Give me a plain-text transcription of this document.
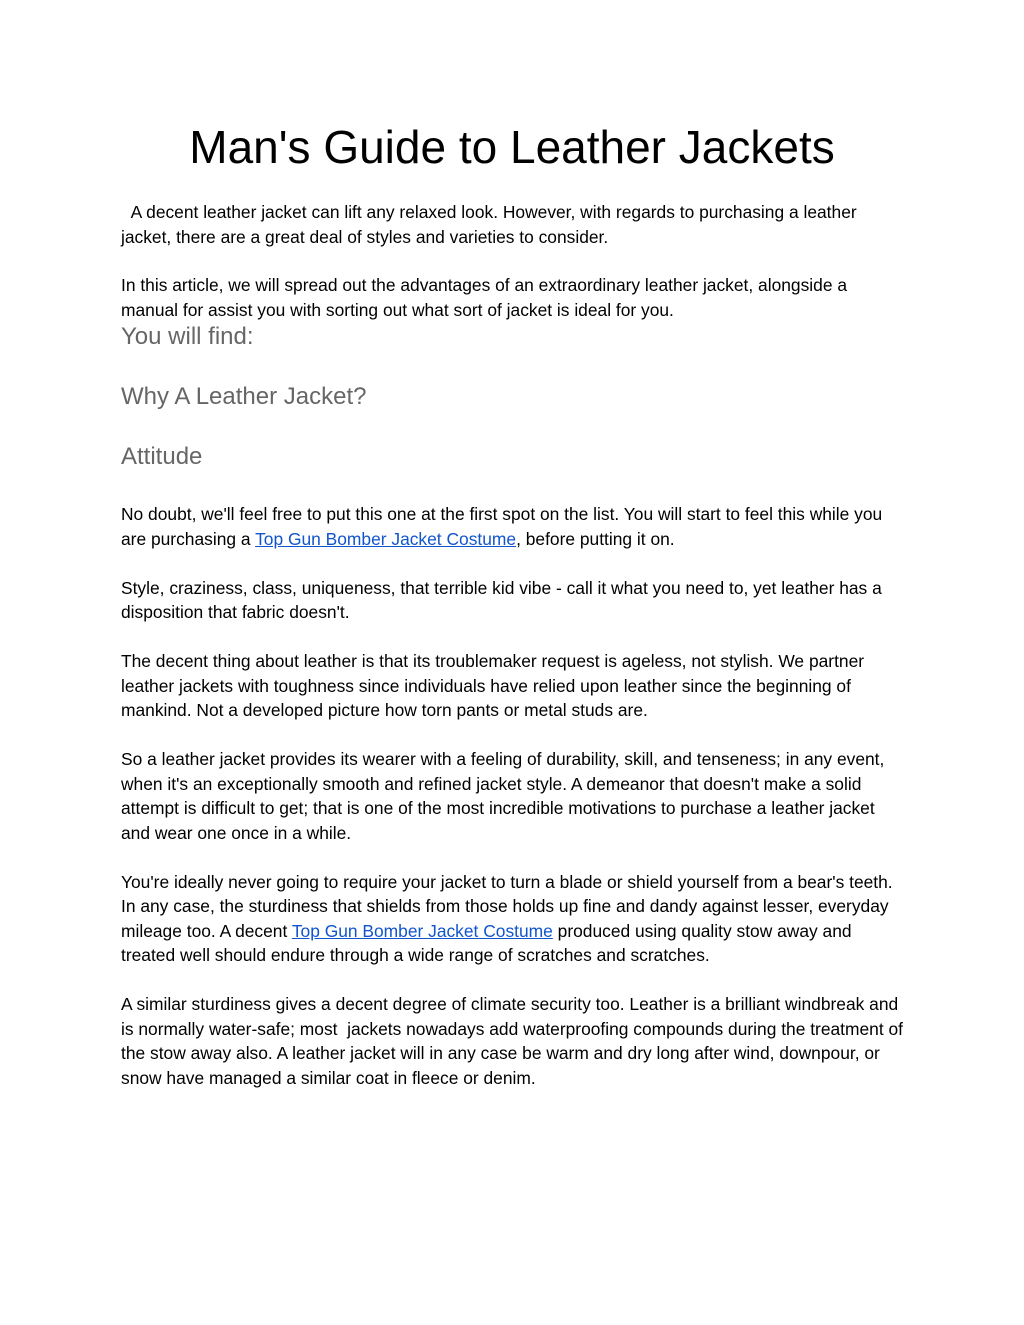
Man's Guide to Leather Jackets

A decent leather jacket can lift any relaxed look. However, with regards to purchasing a leather jacket, there are a great deal of styles and varieties to consider.

In this article, we will spread out the advantages of an extraordinary leather jacket, alongside a manual for assist you with sorting out what sort of jacket is ideal for you.

You will find:
Why A Leather Jacket?
Attitude

No doubt, we'll feel free to put this one at the first spot on the list. You will start to feel this while you are purchasing a Top Gun Bomber Jacket Costume, before putting it on.

Style, craziness, class, uniqueness, that terrible kid vibe - call it what you need to, yet leather has a disposition that fabric doesn't.

The decent thing about leather is that its troublemaker request is ageless, not stylish. We partner leather jackets with toughness since individuals have relied upon leather since the beginning of mankind. Not a developed picture how torn pants or metal studs are.

So a leather jacket provides its wearer with a feeling of durability, skill, and tenseness; in any event, when it's an exceptionally smooth and refined jacket style. A demeanor that doesn't make a solid attempt is difficult to get; that is one of the most incredible motivations to purchase a leather jacket and wear one once in a while.

You're ideally never going to require your jacket to turn a blade or shield yourself from a bear's teeth. In any case, the sturdiness that shields from those holds up fine and dandy against lesser, everyday mileage too. A decent Top Gun Bomber Jacket Costume produced using quality stow away and treated well should endure through a wide range of scratches and scratches.

A similar sturdiness gives a decent degree of climate security too. Leather is a brilliant windbreak and is normally water-safe; most  jackets nowadays add waterproofing compounds during the treatment of the stow away also. A leather jacket will in any case be warm and dry long after wind, downpour, or snow have managed a similar coat in fleece or denim.
